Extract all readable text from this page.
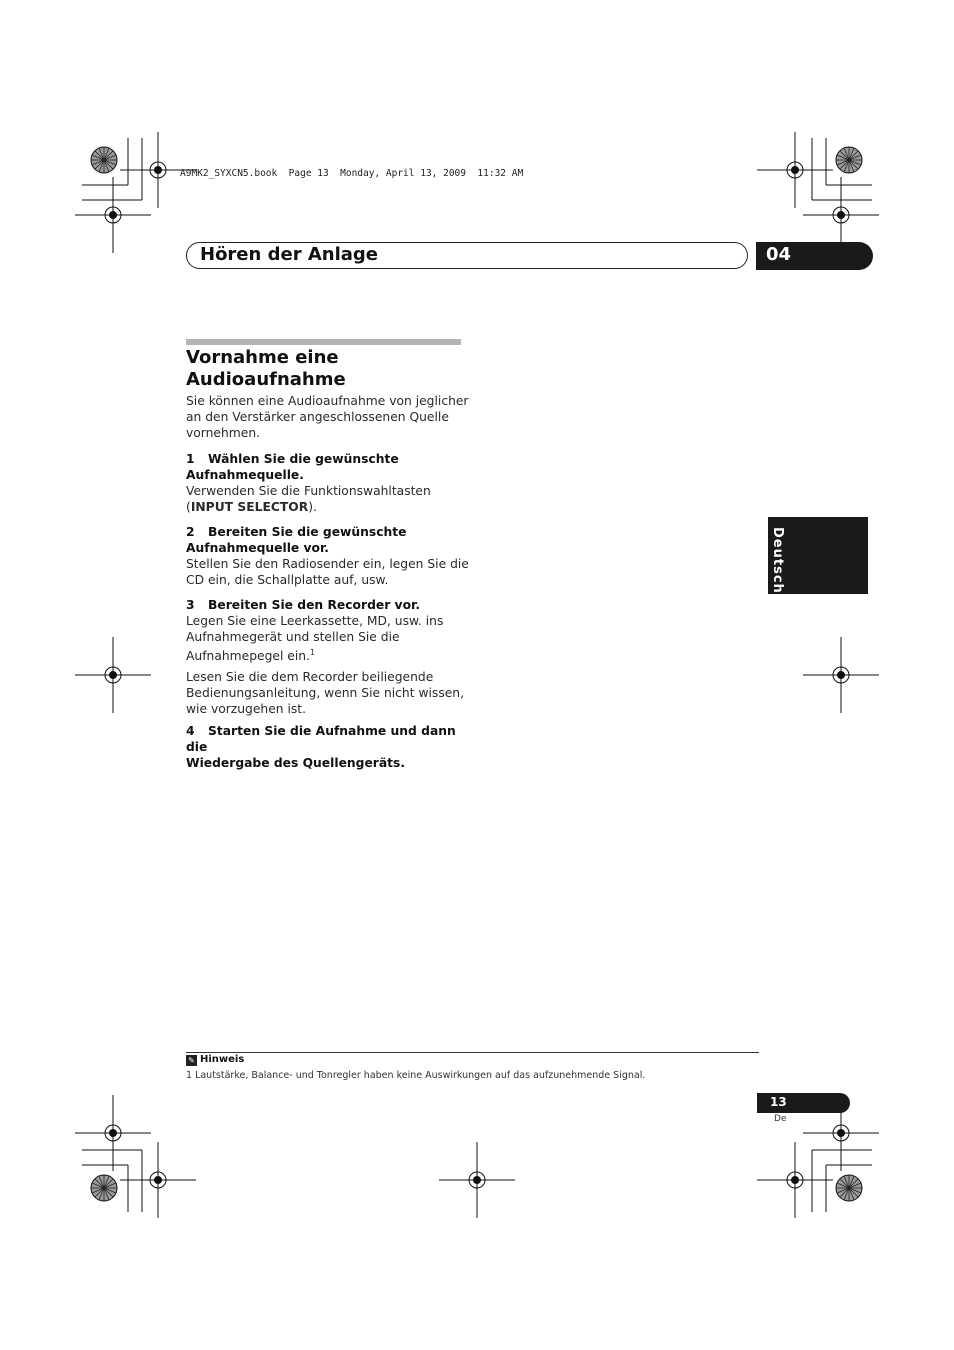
A9MK2_SYXCN5.book  Page 13  Monday, April 13, 2009  11:32 AM
Hören der Anlage	04
Vornahme eine
Audioaufnahme
Sie können eine Audioaufnahme von jeglicher
an den Verstärker angeschlossenen Quelle
vornehmen.
1 Wählen Sie die gewünschte
Aufnahmequelle.
Verwenden Sie die Funktionswahltasten
(INPUT SELECTOR).
2 Bereiten Sie die gewünschte
Aufnahmequelle vor.
Stellen Sie den Radiosender ein, legen Sie die
CD ein, die Schallplatte auf, usw.
3 Bereiten Sie den Recorder vor.
Legen Sie eine Leerkassette, MD, usw. ins
Aufnahmegerät und stellen Sie die
Aufnahmepegel ein.$^1$
Lesen Sie die dem Recorder beiliegende
Bedienungsanleitung, wenn Sie nicht wissen,
wie vorzugehen ist.
4 Starten Sie die Aufnahme und dann die
Wiedergabe des Quellengeräts.
Deutsch
✎ Hinweis
1 Lautstärke, Balance- und Tonregler haben keine Auswirkungen auf das aufzunehmende Signal.
13
De
